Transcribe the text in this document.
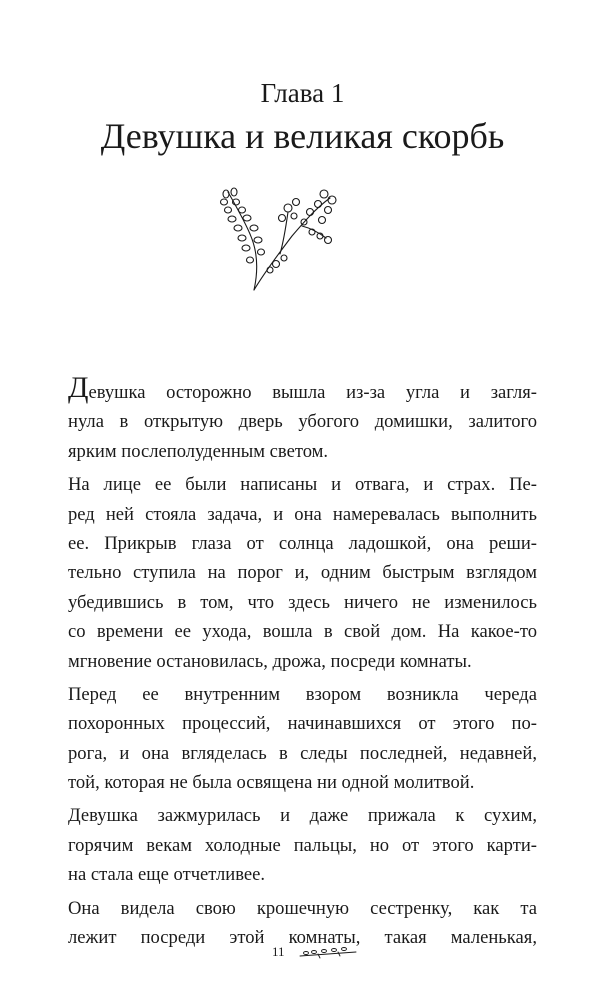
Глава 1
Девушка и великая скорбь
Д евушка осторожно вышла из-за угла и загля-
нула в открытую дверь убогого домишки, залитого
ярким послеполуденным светом.
На лице ее были написаны и отвага, и страх. Пе-
ред ней стояла задача, и она намеревалась выполнить
ее. Прикрыв глаза от солнца ладошкой, она реши-
тельно ступила на порог и, одним быстрым взглядом
убедившись в том, что здесь ничего не изменилось
со времени ее ухода, вошла в свой дом. На какое-то
мгновение остановилась, дрожа, посреди комнаты.
Перед ее внутренним взором возникла череда
похоронных процессий, начинавшихся от этого по-
рога, и она вгляделась в следы последней, недавней,
той, которая не была освящена ни одной молитвой.
Девушка зажмурилась и даже прижала к сухим,
горячим векам холодные пальцы, но от этого карти-
на стала еще отчетливее.
Она видела свою крошечную сестренку, как та
лежит посреди этой комнаты, такая маленькая,
11
